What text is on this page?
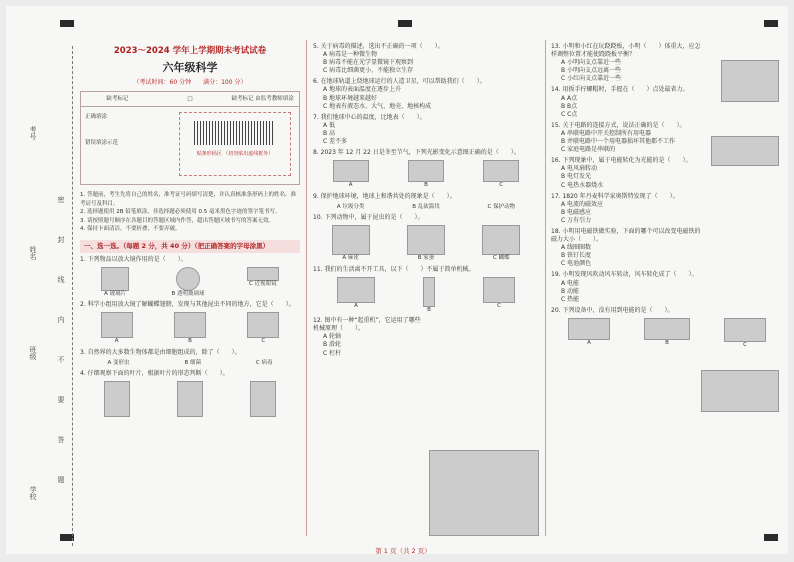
考号
姓名
班级
学校
密
封
线
内
不
要
答
题
2023～2024 学年上学期期末考试试卷
六年级科学
（考试时间：60 分钟　　满分：100 分）
缺考标记	□	缺考标记 由监考教师填涂
正确填涂
错误填涂示范
贴条形码区 （切勿贴出虚线框外）
1. 答题前，考生先将自己的姓名、准考证号码填写清楚，并认真核准条形码上的姓名、准考证号及科目。
2. 选择题使用 2B 铅笔填涂，非选择题必须使用 0.5 毫米黑色字迹的签字笔书写。
3. 请按照题号顺序在各题目的答题区域内作答，超出答题区域书写的答案无效。
4. 保持卡面清洁，不要折叠，不要弄破。
一、选一选。（每题 2 分，共 40 分）（把正确答案的字母涂黑）
1. 下列物品以放大镜作用的是（　　）。
A 玻璃片	B 透明玻璃球
C 近视眼镜
2. 科学小组用放大镜了解蝴蝶翅膀，发现与其他昆虫不同的地方，它是（　　）。
A	B	C
3. 自然界的大多数生物体都是由细胞组成的，除了（　　）。
A 变形虫	B 细菌	C 病毒
4. 仔细观察下面的叶片，根据叶片的形态判断（　　）。
5. 关于病毒的描述，选出不正确的一项（　　）。
A 病毒是一种微生物
B 病毒不能在光学显微镜下观察到
C 病毒比细菌更小，不能独立生存
6. 在地球轨道上绕地球运行的人造卫星，可以帮助我们（　　）。
A 地球的表面温度在逐步上升
B 地球环境越来越好
C 地表有液态水、大气、地壳、地核构成
7. 我们地球中心的温度，比地表（　　）。
A 低
B 高
C 差不多
8. 2023 年 12 月 22 日是冬至节气，下列光影变化示意图正确的是（　　）。
A	B	C
9. 保护地球环境，地球上和谐共处的现象是（　　）。
A 垃圾分类	B 乱砍滥伐	C 保护动物
10. 下列动物中，属于昆虫的是（　　）。
A 麻雀	B 家蚕	C 蝴蝶
11. 我们的生活离不开工具，以下（　　）不属于简单机械。
A
B
C
12. 图中有一种“起重机”，它运用了哪些机械原理（　　）。
A 轮轴
B 滑轮
C 杠杆
13. 小明和小红在玩跷跷板，小明（　　）体重大，应怎样调整位置才能使跷跷板平衡？
A 小明向支点靠近一些
B 小明向支点远离一些
C 小红向支点靠近一些
14. 用扳手拧螺帽时，手握在（　　）点处最省力。
A A点
B B点
C C点
15. 关于电路的连接方式，说法正确的是（　　）。
A 串联电路中开关控制所有用电器
B 并联电路中一个用电器损坏其他都不工作
C 家庭电路是串联的
16. 下列现象中，属于电能转化为光能的是（　　）。
A 电风扇转动
B 电灯发光
C 电热水器烧水
17. 1820 年丹麦科学家奥斯特发现了（　　）。
A 电流的磁效应
B 电磁感应
C 万有引力
18. 小明用电磁铁做实验，下面的哪个可以改变电磁铁的磁力大小（　　）。
A 线圈圈数
B 铁钉长度
C 电池颜色
19. 小明发现风吹动风车转动，风车转化成了（　　）。
A 电能
B 动能
C 热能
20. 下列设备中，没有用到电能的是（　　）。
A	B	C
第 1 页（共 2 页）
